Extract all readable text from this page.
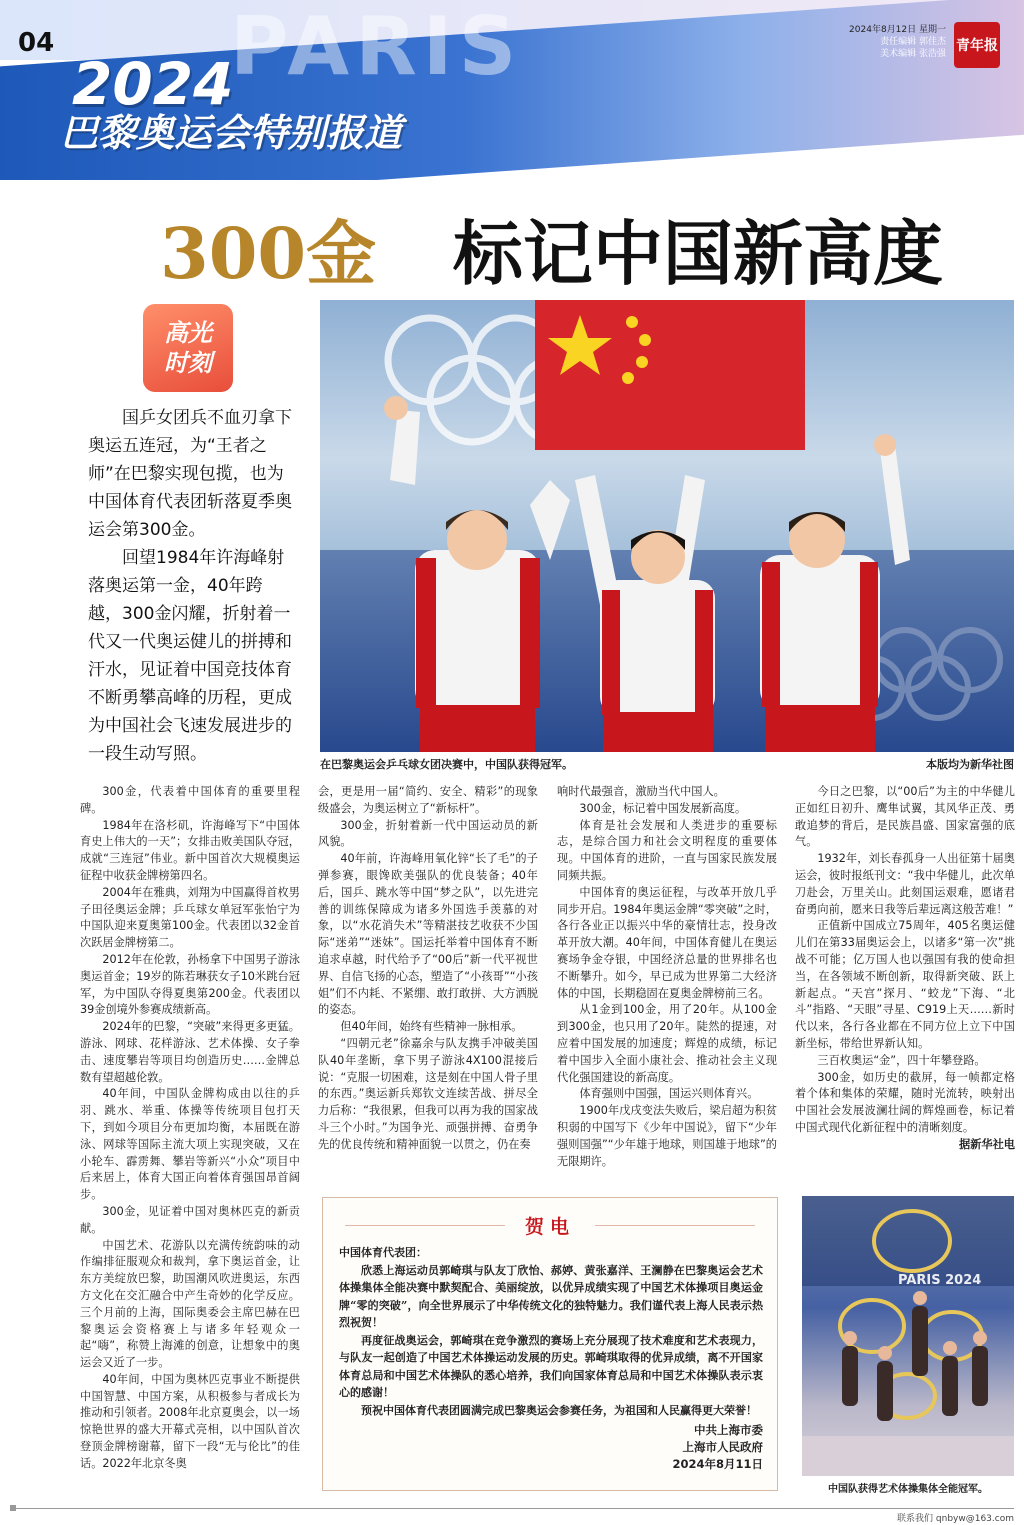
PARIS
04
2024
巴黎奥运会特别报道
2024年8月12日 星期一
责任编辑 郭佳杰
美术编辑 张浩强 青年报
300金 标记中国新高度
高光
时刻

国乒女团兵不血刃拿下奥运五连冠，为“王者之师”在巴黎实现包揽，也为中国体育代表团斩落夏季奥运会第300金。

回望1984年许海峰射落奥运第一金，40年跨越，300金闪耀，折射着一代又一代奥运健儿的拼搏和汗水，见证着中国竞技体育不断勇攀高峰的历程，更成为中国社会飞速发展进步的一段生动写照。

在巴黎奥运会乒乓球女团决赛中，中国队获得冠军。	本版均为新华社图

300金，代表着中国体育的重要里程碑。

1984年在洛杉矶，许海峰写下“中国体育史上伟大的一天”；女排击败美国队夺冠，成就“三连冠”伟业。新中国首次大规模奥运征程中收获金牌榜第四名。

2004年在雅典，刘翔为中国赢得首枚男子田径奥运金牌；乒乓球女单冠军张怡宁为中国队迎来夏奥第100金。代表团以32金首次跃居金牌榜第二。

2012年在伦敦，孙杨拿下中国男子游泳奥运首金；19岁的陈若琳获女子10米跳台冠军，为中国队夺得夏奥第200金。代表团以39金创境外参赛成绩新高。

2024年的巴黎，“突破”来得更多更猛。游泳、网球、花样游泳、艺术体操、女子拳击、速度攀岩等项目均创造历史……金牌总数有望超越伦敦。

40年间，中国队金牌构成由以往的乒羽、跳水、举重、体操等传统项目包打天下，到如今项目分布更加均衡，本届既在游泳、网球等国际主流大项上实现突破，又在小轮车、霹雳舞、攀岩等新兴“小众”项目中后来居上，体育大国正向着体育强国昂首阔步。

300金，见证着中国对奥林匹克的新贡献。

中国艺术、花游队以充满传统韵味的动作编排征服观众和裁判，拿下奥运首金，让东方美绽放巴黎，助国潮风吹进奥运，东西方文化在交汇融合中产生奇妙的化学反应。三个月前的上海，国际奥委会主席巴赫在巴黎奥运会资格赛上与诸多年轻观众一起“嗨”，称赞上海滩的创意，让想象中的奥运会又近了一步。

40年间，中国为奥林匹克事业不断提供中国智慧、中国方案，从积极参与者成长为推动和引领者。2008年北京夏奥会，以一场惊艳世界的盛大开幕式亮相，以中国队首次登顶金牌榜谢幕，留下一段“无与伦比”的佳话。2022年北京冬奥

会，更是用一届“简约、安全、精彩”的现象级盛会，为奥运树立了“新标杆”。

300金，折射着新一代中国运动员的新风貌。

40年前，许海峰用氧化锌“长了毛”的子弹参赛，眼馋欧美强队的优良装备；40年后，国乒、跳水等中国“梦之队”，以先进完善的训练保障成为诸多外国选手羡慕的对象，以“水花消失术”等精湛技艺收获不少国际“迷弟”“迷妹”。国运托举着中国体育不断追求卓越，时代给予了“00后”新一代平视世界、自信飞扬的心态，塑造了“小孩哥”“小孩姐”们不内耗、不紧绷、敢打敢拼、大方洒脱的姿态。

但40年间，始终有些精神一脉相承。

“四朝元老”徐嘉余与队友携手冲破美国队40年垄断，拿下男子游泳4X100混接后说：“克服一切困难，这是刻在中国人骨子里的东西。”奥运新兵郑钦文连续苦战、拼尽全力后称：“我很累，但我可以再为我的国家战斗三个小时。”为国争光、顽强拼搏、奋勇争先的优良传统和精神面貌一以贯之，仍在奏

响时代最强音，激励当代中国人。

300金，标记着中国发展新高度。

体育是社会发展和人类进步的重要标志，是综合国力和社会文明程度的重要体现。中国体育的进阶，一直与国家民族发展同频共振。

中国体育的奥运征程，与改革开放几乎同步开启。1984年奥运金牌“零突破”之时，各行各业正以振兴中华的豪情壮志，投身改革开放大潮。40年间，中国体育健儿在奥运赛场争金夺银，中国经济总量的世界排名也不断攀升。如今，早已成为世界第二大经济体的中国，长期稳固在夏奥金牌榜前三名。

从1金到100金，用了20年。从100金到300金，也只用了20年。陡然的提速，对应着中国发展的加速度；辉煌的成绩，标记着中国步入全面小康社会、推动社会主义现代化强国建设的新高度。

体育强则中国强，国运兴则体育兴。

1900年戊戌变法失败后，梁启超为积贫积弱的中国写下《少年中国说》，留下“少年强则国强”“少年雄于地球，则国雄于地球”的无限期许。

今日之巴黎，以“00后”为主的中华健儿正如红日初升、鹰隼试翼，其风华正茂、勇敢追梦的背后，是民族昌盛、国家富强的底气。

1932年，刘长春孤身一人出征第十届奥运会，彼时报纸刊文：“我中华健儿，此次单刀赴会，万里关山。此刻国运艰难，愿诸君奋勇向前，愿来日我等后辈远离这般苦难！”

正值新中国成立75周年，405名奥运健儿们在第33届奥运会上，以诸多“第一次”挑战不可能；亿万国人也以强国有我的使命担当，在各领域不断创新，取得新突破、跃上新起点。“天宫”探月、“蛟龙”下海、“北斗”指路、“天眼”寻星、C919上天……新时代以来，各行各业都在不同方位上立下中国新坐标，带给世界新认知。

三百枚奥运“金”，四十年攀登路。

300金，如历史的截屏，每一帧都定格着个体和集体的荣耀，随时光流转，映射出中国社会发展波澜壮阔的辉煌画卷，标记着中国式现代化新征程中的清晰刻度。

据新华社电
贺电

中国体育代表团：

欣悉上海运动员郭崎琪与队友丁欣怡、郝婷、黄张嘉洋、王澜静在巴黎奥运会艺术体操集体全能决赛中默契配合、美丽绽放，以优异成绩实现了中国艺术体操项目奥运金牌“零的突破”，向全世界展示了中华传统文化的独特魅力。我们谨代表上海人民表示热烈祝贺！

再度征战奥运会，郭崎琪在竞争激烈的赛场上充分展现了技术难度和艺术表现力，与队友一起创造了中国艺术体操运动发展的历史。郭崎琪取得的优异成绩，离不开国家体育总局和中国艺术体操队的悉心培养，我们向国家体育总局和中国艺术体操队表示衷心的感谢！

预祝中国体育代表团圆满完成巴黎奥运会参赛任务，为祖国和人民赢得更大荣誉！

中共上海市委
上海市人民政府
2024年8月11日
PARIS 2024
中国队获得艺术体操集体全能冠军。
联系我们 qnbyw@163.com
